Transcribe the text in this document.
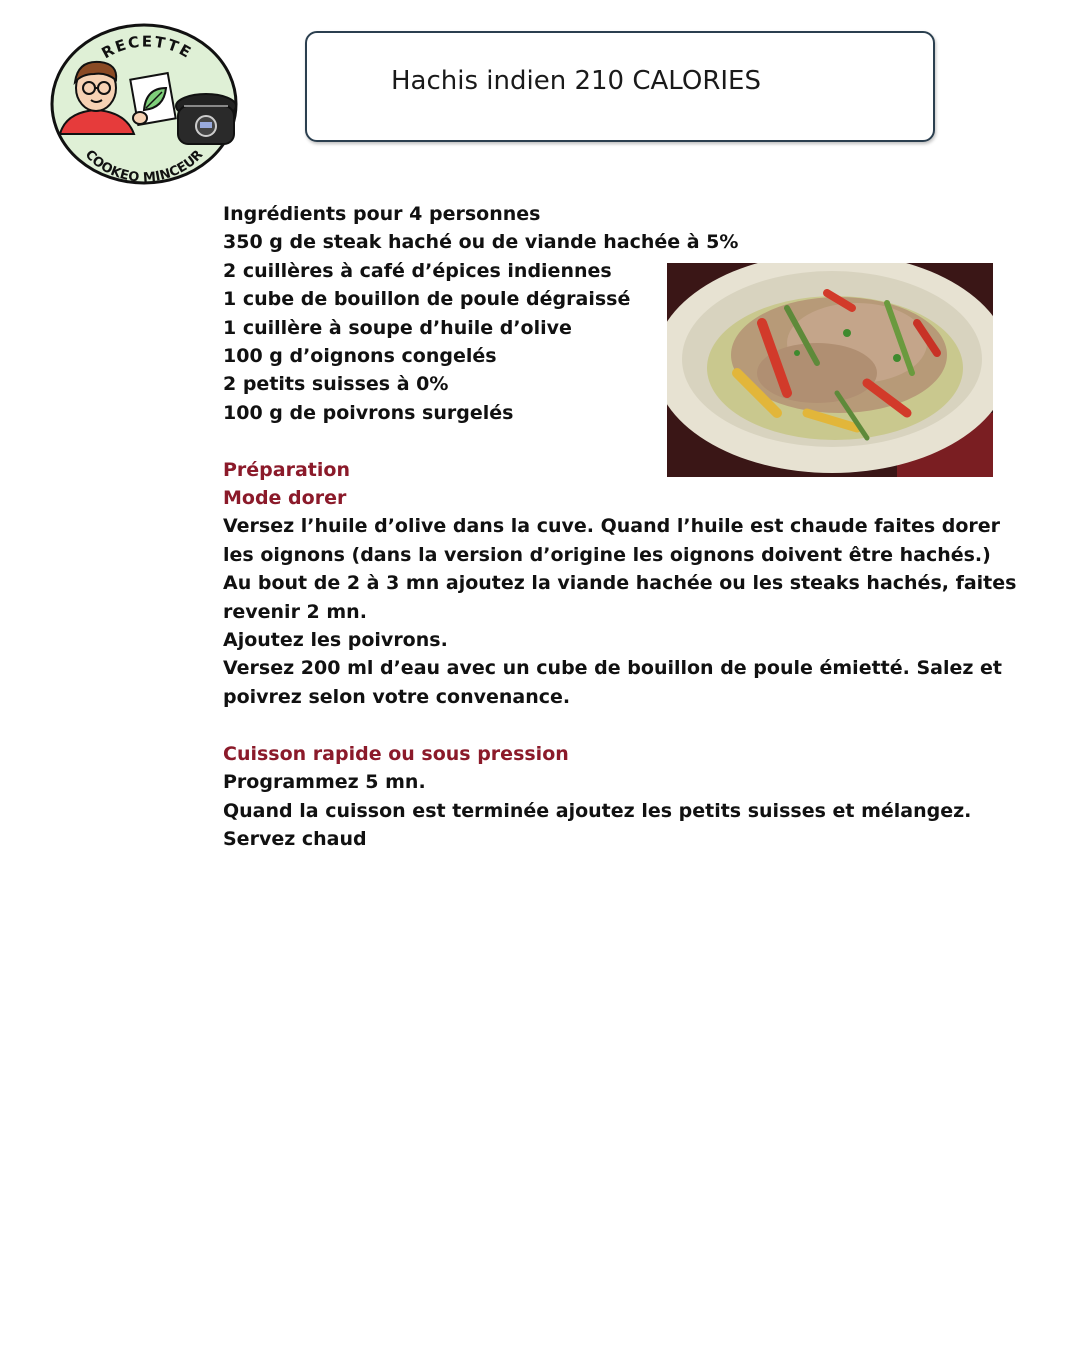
RECETTE
COOKEO MINCEUR
Hachis indien 210 CALORIES
Ingrédients pour 4 personnes
350 g de steak haché ou de viande hachée à 5%
2 cuillères à café d’épices indiennes
1 cube de bouillon de poule dégraissé
1 cuillère à soupe d’huile d’olive
100 g d’oignons congelés
2 petits suisses à 0%
100 g de poivrons surgelés
Préparation
Mode dorer
Versez l’huile d’olive dans la cuve. Quand l’huile est chaude faites dorer les oignons (dans la version d’origine les oignons doivent être hachés.)
Au bout de 2 à 3 mn ajoutez la viande hachée ou les steaks hachés, faites revenir 2 mn.
Ajoutez les poivrons.
Versez 200 ml d’eau avec un cube de bouillon de poule émietté. Salez et poivrez selon votre convenance.
Cuisson rapide ou sous pression
Programmez 5 mn.
Quand la cuisson est terminée ajoutez les petits suisses et mélangez. Servez chaud
